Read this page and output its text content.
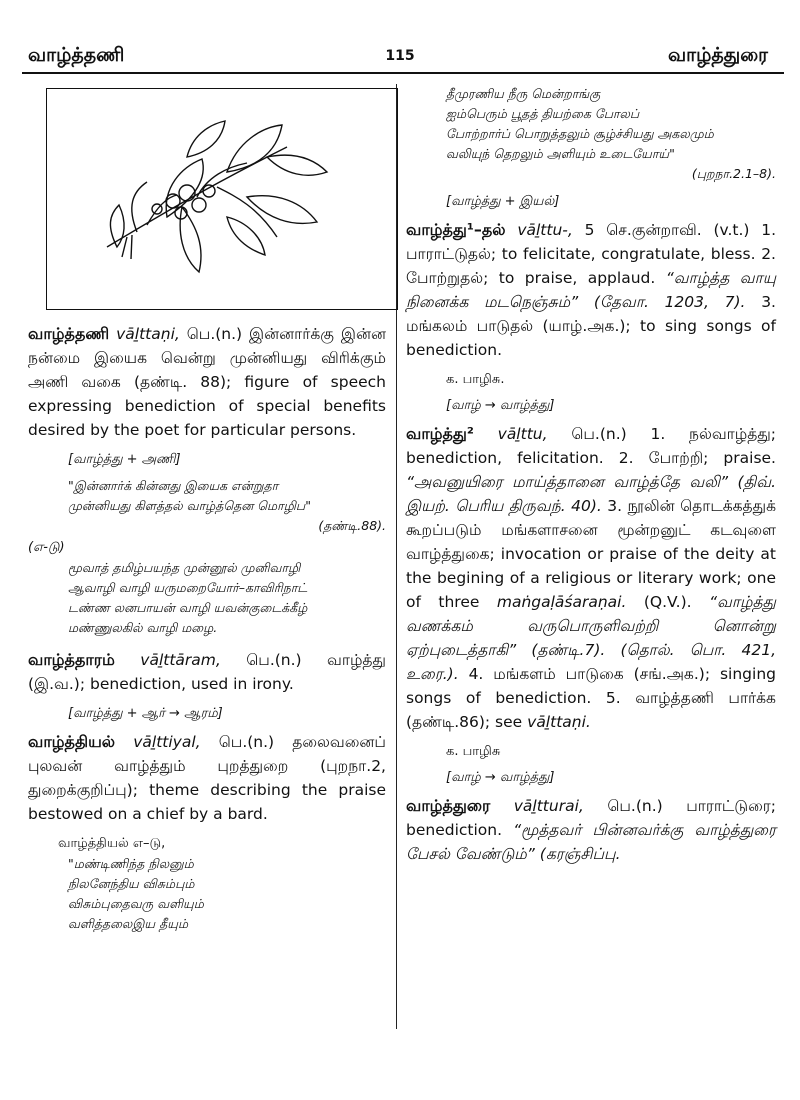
வாழ்த்தணி	115	வாழ்த்துரை
வாழ்த்தணி vāḻttaṇi, பெ.(n.) இன்னார்க்கு இன்ன நன்மை இயைக வென்று முன்னியது விரிக்கும் அணி வகை (தண்டி. 88); figure of speech expressing benediction of special benefits desired by the poet for particular persons.
[வாழ்த்து + அணி]
"இன்னார்க் கின்னது இயைக என்றுதா
முன்னியது கிளத்தல் வாழ்த்தென மொழிப"
(தண்டி.88).
(எ-டு)
மூவாத் தமிழ்பயந்த முன்னூல் முனிவாழி
ஆவாழி வாழி யருமறையோர்–காவிரிநாட்
டண்ண லனபாயன் வாழி யவன்குடைக்கீழ்
மண்ணுலகில் வாழி மழை.
வாழ்த்தாரம் vāḻttāram, பெ.(n.) வாழ்த்து (இ.வ.); benediction, used in irony.
[வாழ்த்து + ஆர் → ஆரம்]
வாழ்த்தியல் vāḻttiyal, பெ.(n.) தலைவனைப் புலவன் வாழ்த்தும் புறத்துறை (புறநா.2, துறைக்குறிப்பு); theme describing the praise bestowed on a chief by a bard.
வாழ்த்தியல் எ–டு,
"மண்டிணிந்த நிலனும்
நிலனேந்திய விசும்பும்
விசும்புதைவரு வளியும்
வளித்தலைஇய தீயும்
தீமுரணிய நீரு மென்றாங்கு
ஐம்பெரும் பூதத் தியற்கை போலப்
போற்றார்ப் பொறுத்தலும் சூழ்ச்சியது அகலமும்
வலியுந் தெறலும் அளியும் உடையோய்"
(புறநா.2.1–8).
[வாழ்த்து + இயல்]
வாழ்த்து¹–தல் vāḻttu-, 5 செ.குன்றாவி. (v.t.) 1. பாராட்டுதல்; to felicitate, congratulate, bless. 2. போற்றுதல்; to praise, applaud. “வாழ்த்த வாயு நினைக்க மடநெஞ்சும்” (தேவா. 1203, 7). 3. மங்கலம் பாடுதல் (யாழ்.அக.); to sing songs of benediction.
க. பாழிசு.
[வாழ் → வாழ்த்து]
வாழ்த்து² vāḻttu, பெ.(n.) 1. நல்வாழ்த்து; benediction, felicitation. 2. போற்றி; praise. “அவனுயிரை மாய்த்தானை வாழ்த்தே வலி” (திவ். இயற். பெரிய திருவந். 40). 3. நூலின் தொடக்கத்துக் கூறப்படும் மங்களாசனை மூன்றனுட் கடவுளை வாழ்த்துகை; invocation or praise of the deity at the begining of a religious or literary work; one of three maṅgaḷāśaraṇai. (Q.V.). “வாழ்த்து வணக்கம் வருபொருளிவற்றி னொன்று ஏற்புடைத்தாகி” (தண்டி.7). (தொல். பொ. 421, உரை.). 4. மங்களம் பாடுகை (சங்.அக.); singing songs of benediction. 5. வாழ்த்தணி பார்க்க (தண்டி.86); see vāḻttaṇi.
க. பாழிசு
[வாழ் → வாழ்த்து]
வாழ்த்துரை vāḻtturai, பெ.(n.) பாராட்டுரை; benediction. “மூத்தவர் பின்னவர்க்கு வாழ்த்துரை பேசல் வேண்டும்” (கரஞ்சிப்பு.
